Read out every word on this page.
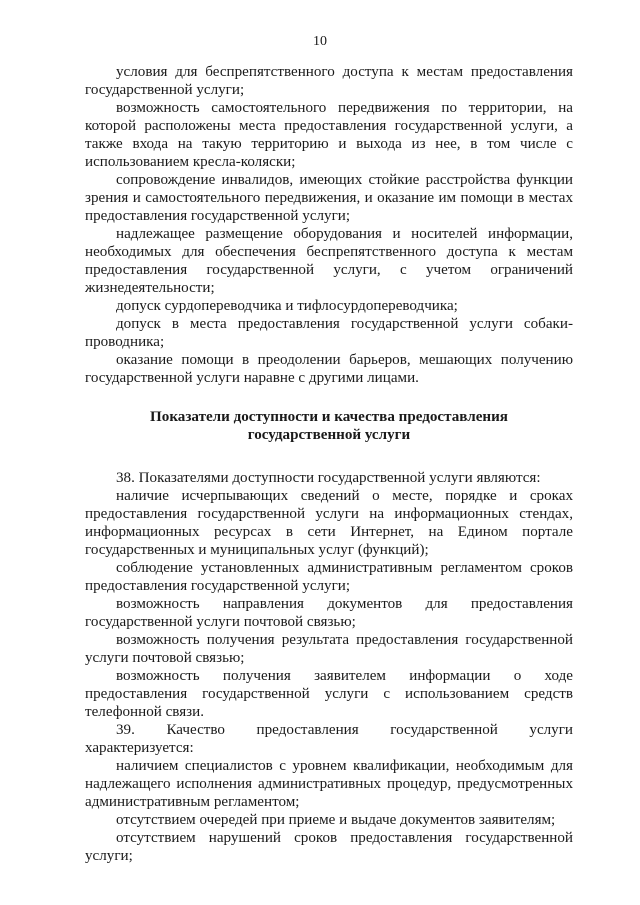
10

условия для беспрепятственного доступа к местам предоставления государственной услуги;

возможность самостоятельного передвижения по территории, на которой расположены места предоставления государственной услуги, а также входа на такую территорию и выхода из нее, в том числе с использованием кресла-коляски;

сопровождение инвалидов, имеющих стойкие расстройства функции зрения и самостоятельного передвижения, и оказание им помощи в местах предоставления государственной услуги;

надлежащее размещение оборудования и носителей информации, необходимых для обеспечения беспрепятственного доступа к местам предоставления государственной услуги, с учетом ограничений жизнедеятельности;

допуск сурдопереводчика и тифлосурдопереводчика;

допуск в места предоставления государственной услуги собаки-проводника;

оказание помощи в преодолении барьеров, мешающих получению государственной услуги наравне с другими лицами.

Показатели доступности и качества предоставления
государственной услуги

38. Показателями доступности государственной услуги являются:

наличие исчерпывающих сведений о месте, порядке и сроках предоставления государственной услуги на информационных стендах, информационных ресурсах в сети Интернет, на Едином портале государственных и муниципальных услуг (функций);

соблюдение установленных административным регламентом сроков предоставления государственной услуги;

возможность направления документов для предоставления государственной услуги почтовой связью;

возможность получения результата предоставления государственной услуги почтовой связью;

возможность получения заявителем информации о ходе предоставления государственной услуги с использованием средств телефонной связи.

39. Качество предоставления государственной услуги характеризуется:

наличием специалистов с уровнем квалификации, необходимым для надлежащего исполнения административных процедур, предусмотренных административным регламентом;

отсутствием очередей при приеме и выдаче документов заявителям;

отсутствием нарушений сроков предоставления государственной услуги;
